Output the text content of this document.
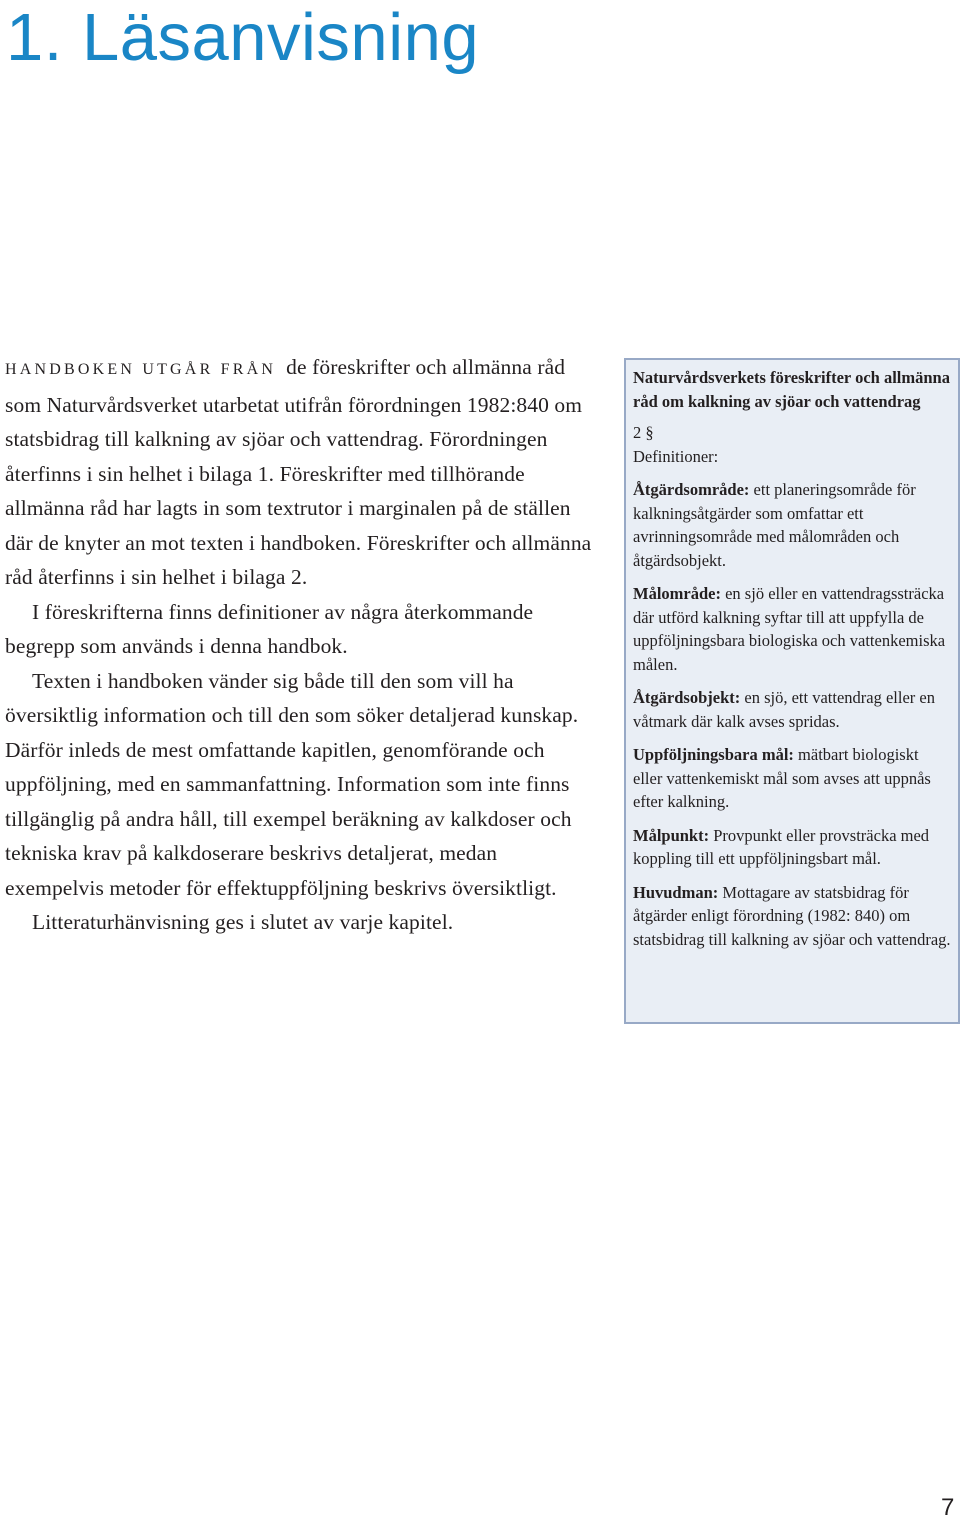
1. Läsanvisning

HANDBOKEN UTGÅR FRÅN de föreskrifter och allmänna råd som Naturvårdsverket utarbetat utifrån förordningen 1982:840 om statsbidrag till kalkning av sjöar och vattendrag. Förordningen återfinns i sin helhet i bilaga 1. Föreskrifter med tillhörande allmänna råd har lagts in som textrutor i marginalen på de ställen där de knyter an mot texten i handboken. Föreskrifter och allmänna råd återfinns i sin helhet i bilaga 2.

I föreskrifterna finns definitioner av några återkommande begrepp som används i denna handbok.

Texten i handboken vänder sig både till den som vill ha översiktlig information och till den som söker detaljerad kunskap. Därför inleds de mest omfattande kapitlen, genomförande och uppföljning, med en sammanfattning. Information som inte finns tillgänglig på andra håll, till exempel beräkning av kalkdoser och tekniska krav på kalkdoserare beskrivs detaljerat, medan exempelvis metoder för effektuppföljning beskrivs översiktligt.

Litteraturhänvisning ges i slutet av varje kapitel.

Naturvårdsverkets föreskrifter och allmänna råd om kalkning av sjöar och vattendrag

2 §

Definitioner:

Åtgärdsområde: ett planeringsområde för kalkningsåtgärder som omfattar ett avrinningsområde med målområden och åtgärdsobjekt.

Målområde: en sjö eller en vattendragssträcka där utförd kalkning syftar till att uppfylla de uppföljningsbara biologiska och vattenkemiska målen.

Åtgärdsobjekt: en sjö, ett vattendrag eller en våtmark där kalk avses spridas.

Uppföljningsbara mål: mätbart biologiskt eller vattenkemiskt mål som avses att uppnås efter kalkning.

Målpunkt: Provpunkt eller provsträcka med koppling till ett uppföljningsbart mål.

Huvudman: Mottagare av statsbidrag för åtgärder enligt förordning (1982: 840) om statsbidrag till kalkning av sjöar och vattendrag.

7
